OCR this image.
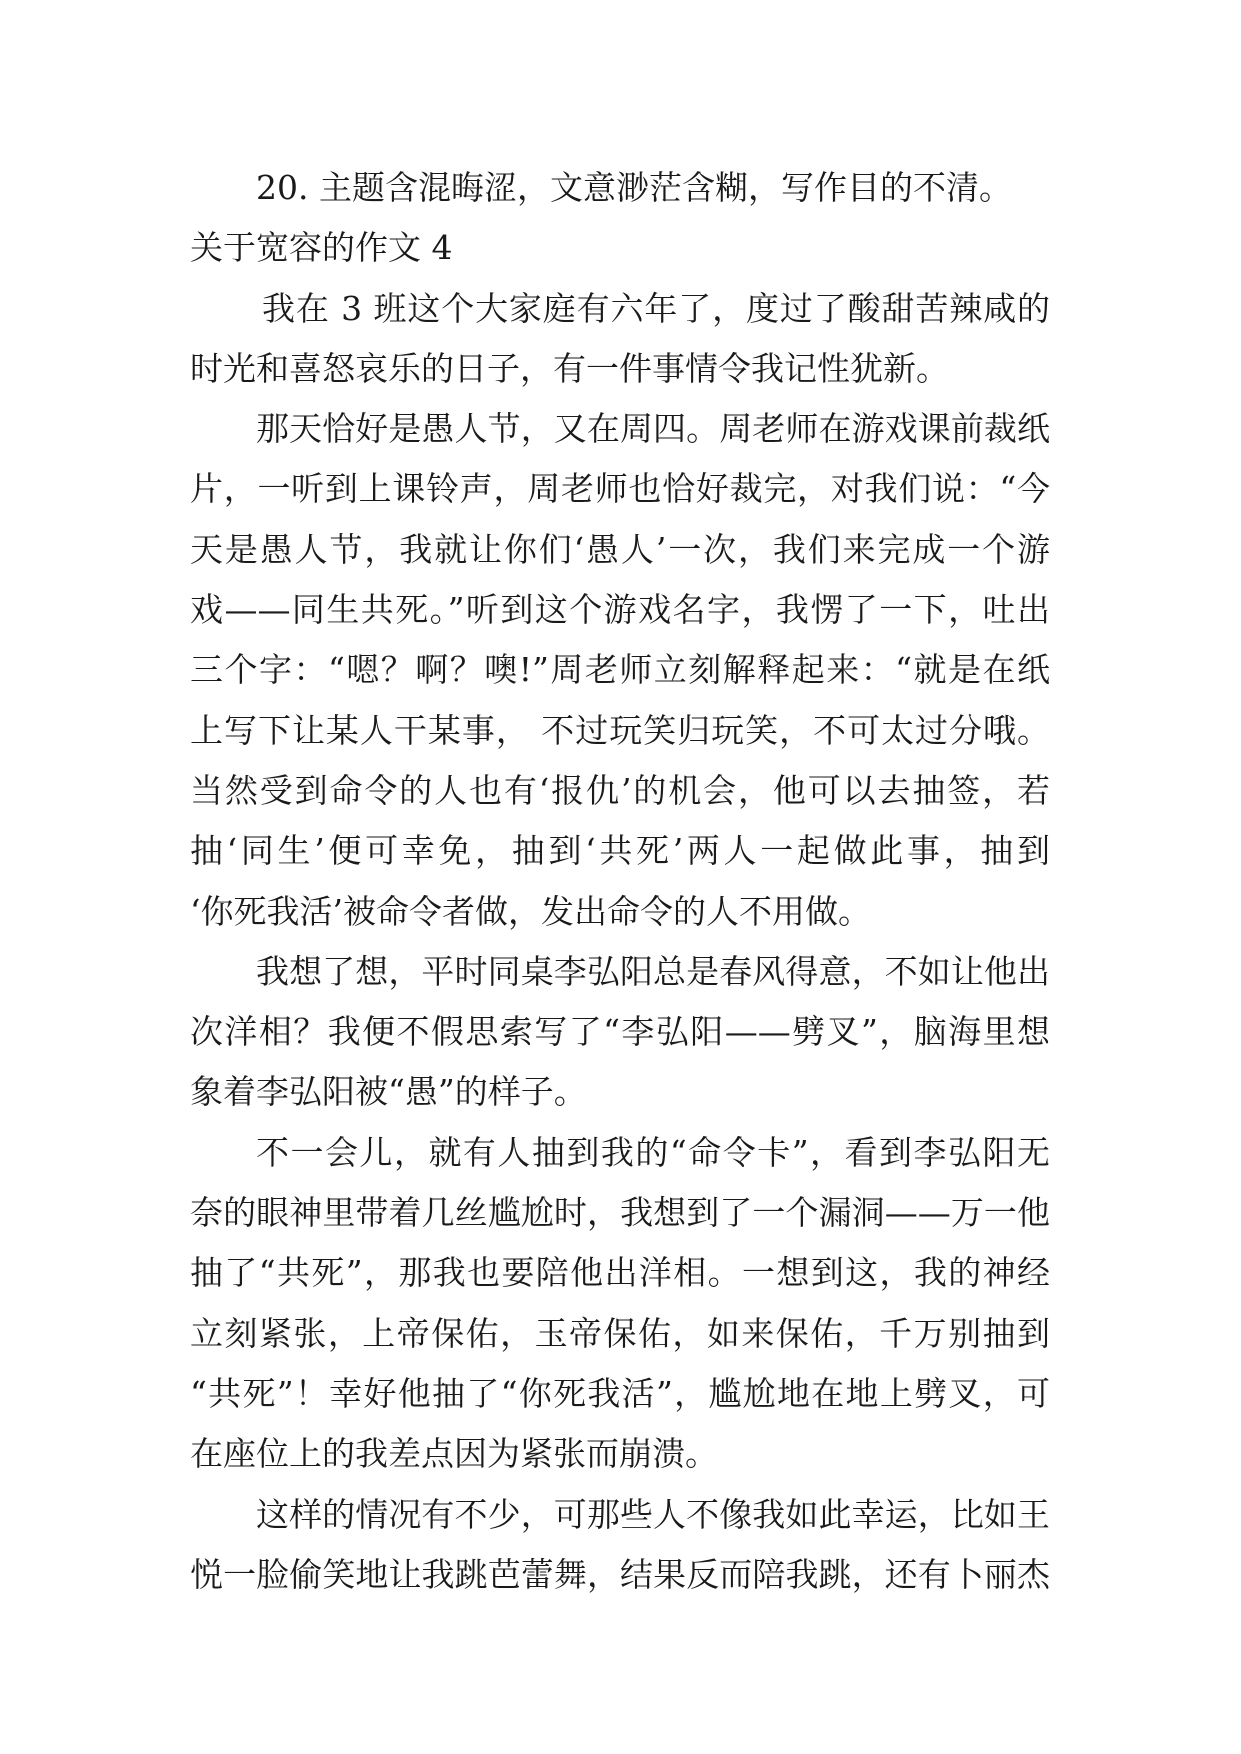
20. 主题含混晦涩，文意渺茫含糊，写作目的不清。
关于宽容的作文 4
我在 3 班这个大家庭有六年了，度过了酸甜苦辣咸的
时光和喜怒哀乐的日子，有一件事情令我记性犹新。
那天恰好是愚人节，又在周四。周老师在游戏课前裁纸
片，一听到上课铃声，周老师也恰好裁完，对我们说：“今
天是愚人节，我就让你们‘愚人’一次，我们来完成一个游
戏——同生共死。”听到这个游戏名字，我愣了一下，吐出
三个字：“嗯？啊？噢!”周老师立刻解释起来：“就是在纸
上写下让某人干某事， 不过玩笑归玩笑，不可太过分哦。
当然受到命令的人也有‘报仇’的机会，他可以去抽签，若
抽‘同生’便可幸免，抽到‘共死’两人一起做此事，抽到
‘你死我活’被命令者做，发出命令的人不用做。
我想了想，平时同桌李弘阳总是春风得意，不如让他出
次洋相？我便不假思索写了“李弘阳——劈叉”，脑海里想
象着李弘阳被“愚”的样子。
不一会儿，就有人抽到我的“命令卡”，看到李弘阳无
奈的眼神里带着几丝尴尬时，我想到了一个漏洞——万一他
抽了“共死”，那我也要陪他出洋相。一想到这，我的神经
立刻紧张，上帝保佑，玉帝保佑，如来保佑，千万别抽到
“共死”！幸好他抽了“你死我活”，尴尬地在地上劈叉，可
在座位上的我差点因为紧张而崩溃。
这样的情况有不少，可那些人不像我如此幸运，比如王
悦一脸偷笑地让我跳芭蕾舞，结果反而陪我跳，还有卜丽杰
